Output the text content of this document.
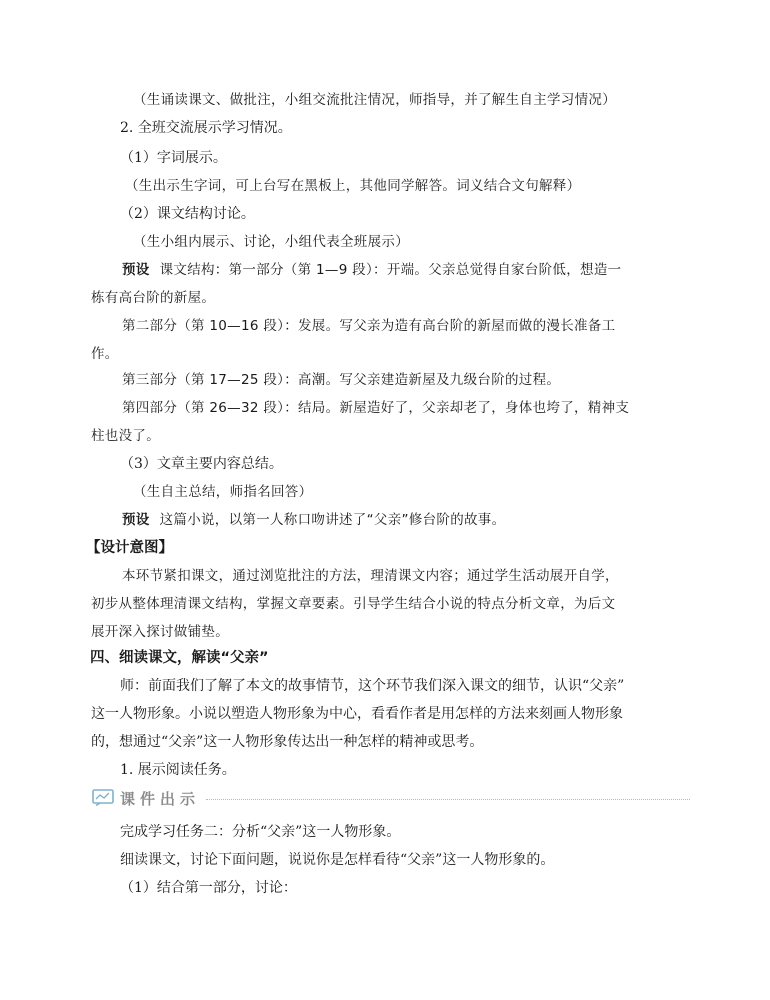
（生诵读课文、做批注，小组交流批注情况，师指导，并了解生自主学习情况）
2. 全班交流展示学习情况。
（1）字词展示。
（生出示生字词，可上台写在黑板上，其他同学解答。词义结合文句解释）
（2）课文结构讨论。
（生小组内展示、讨论，小组代表全班展示）
预设 课文结构：第一部分（第 1—9 段）：开端。父亲总觉得自家台阶低，想造一
栋有高台阶的新屋。
第二部分（第 10—16 段）：发展。写父亲为造有高台阶的新屋而做的漫长准备工
作。
第三部分（第 17—25 段）：高潮。写父亲建造新屋及九级台阶的过程。
第四部分（第 26—32 段）：结局。新屋造好了，父亲却老了，身体也垮了，精神支
柱也没了。
（3）文章主要内容总结。
（生自主总结，师指名回答）
预设 这篇小说，以第一人称口吻讲述了“父亲”修台阶的故事。
【设计意图】
本环节紧扣课文，通过浏览批注的方法，理清课文内容；通过学生活动展开自学，
初步从整体理清课文结构，掌握文章要素。引导学生结合小说的特点分析文章，为后文
展开深入探讨做铺垫。
四、细读课文，解读“父亲”
师：前面我们了解了本文的故事情节，这个环节我们深入课文的细节，认识“父亲”
这一人物形象。小说以塑造人物形象为中心，看看作者是用怎样的方法来刻画人物形象
的，想通过“父亲”这一人物形象传达出一种怎样的精神或思考。
1. 展示阅读任务。
课件出示
完成学习任务二：分析“父亲”这一人物形象。
细读课文，讨论下面问题，说说你是怎样看待“父亲”这一人物形象的。
（1）结合第一部分，讨论：
